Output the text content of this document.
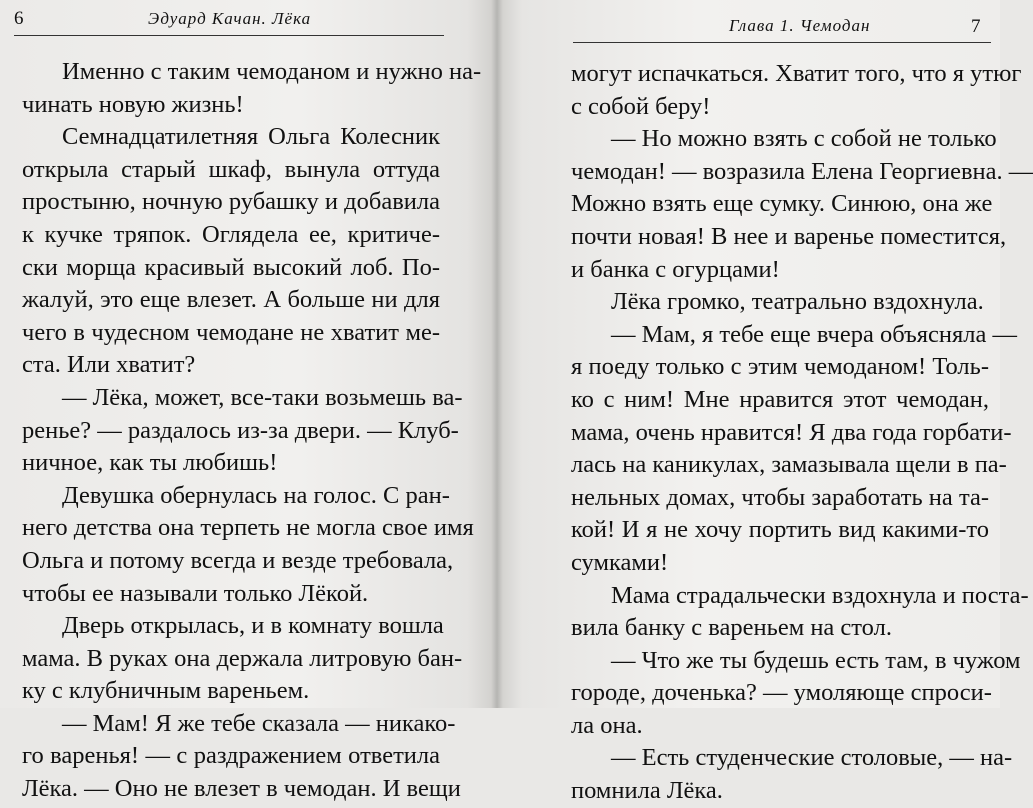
6	Эдуард Качан. Лёка

Именно с таким чемоданом и нужно на-

чинать новую жизнь!

Семнадцатилетняя Ольга Колесник

открыла старый шкаф, вынула оттуда

простыню, ночную рубашку и добавила

к кучке тряпок. Оглядела ее, критиче-

ски морща красивый высокий лоб. По-

жалуй, это еще влезет. А больше ни для

чего в чудесном чемодане не хватит ме-

ста. Или хватит?

— Лёка, может, все-таки возьмешь ва-

ренье? — раздалось из-за двери. — Клуб-

ничное, как ты любишь!

Девушка обернулась на голос. С ран-

него детства она терпеть не могла свое имя

Ольга и потому всегда и везде требовала,

чтобы ее называли только Лёкой.

Дверь открылась, и в комнату вошла

мама. В руках она держала литровую бан-

ку с клубничным вареньем.

— Мам! Я же тебе сказала — никако-

го варенья! — с раздражением ответила

Лёка. — Оно не влезет в чемодан. И вещи

Глава 1. Чемодан	7

могут испачкаться. Хватит того, что я утюг

с собой беру!

— Но можно взять с собой не только

чемодан! — возразила Елена Георгиевна. —

Можно взять еще сумку. Синюю, она же

почти новая! В нее и варенье поместится,

и банка с огурцами!

Лёка громко, театрально вздохнула.

— Мам, я тебе еще вчера объясняла —

я поеду только с этим чемоданом! Толь-

ко с ним! Мне нравится этот чемодан,

мама, очень нравится! Я два года горбати-

лась на каникулах, замазывала щели в па-

нельных домах, чтобы заработать на та-

кой! И я не хочу портить вид какими-то

сумками!

Мама страдальчески вздохнула и поста-

вила банку с вареньем на стол.

— Что же ты будешь есть там, в чужом

городе, доченька? — умоляюще спроси-

ла она.

— Есть студенческие столовые, — на-

помнила Лёка.
